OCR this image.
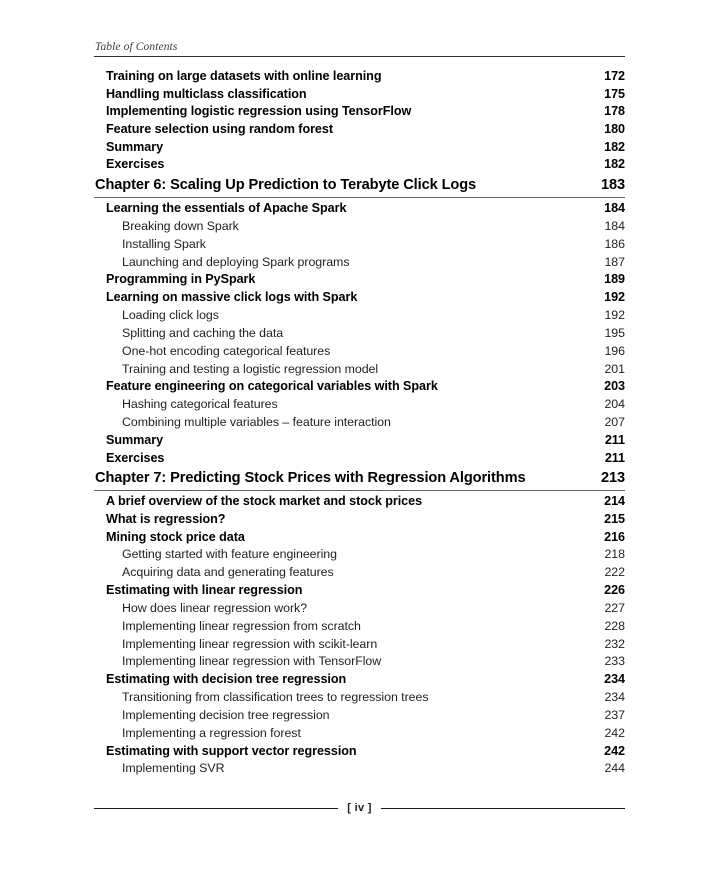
Table of Contents
Training on large datasets with online learning	172
Handling multiclass classification	175
Implementing logistic regression using TensorFlow	178
Feature selection using random forest	180
Summary	182
Exercises	182
Chapter 6: Scaling Up Prediction to Terabyte Click Logs	183
Learning the essentials of Apache Spark	184
Breaking down Spark	184
Installing Spark	186
Launching and deploying Spark programs	187
Programming in PySpark	189
Learning on massive click logs with Spark	192
Loading click logs	192
Splitting and caching the data	195
One-hot encoding categorical features	196
Training and testing a logistic regression model	201
Feature engineering on categorical variables with Spark	203
Hashing categorical features	204
Combining multiple variables – feature interaction	207
Summary	211
Exercises	211
Chapter 7: Predicting Stock Prices with Regression Algorithms	213
A brief overview of the stock market and stock prices	214
What is regression?	215
Mining stock price data	216
Getting started with feature engineering	218
Acquiring data and generating features	222
Estimating with linear regression	226
How does linear regression work?	227
Implementing linear regression from scratch	228
Implementing linear regression with scikit-learn	232
Implementing linear regression with TensorFlow	233
Estimating with decision tree regression	234
Transitioning from classification trees to regression trees	234
Implementing decision tree regression	237
Implementing a regression forest	242
Estimating with support vector regression	242
Implementing SVR	244
[ iv ]
